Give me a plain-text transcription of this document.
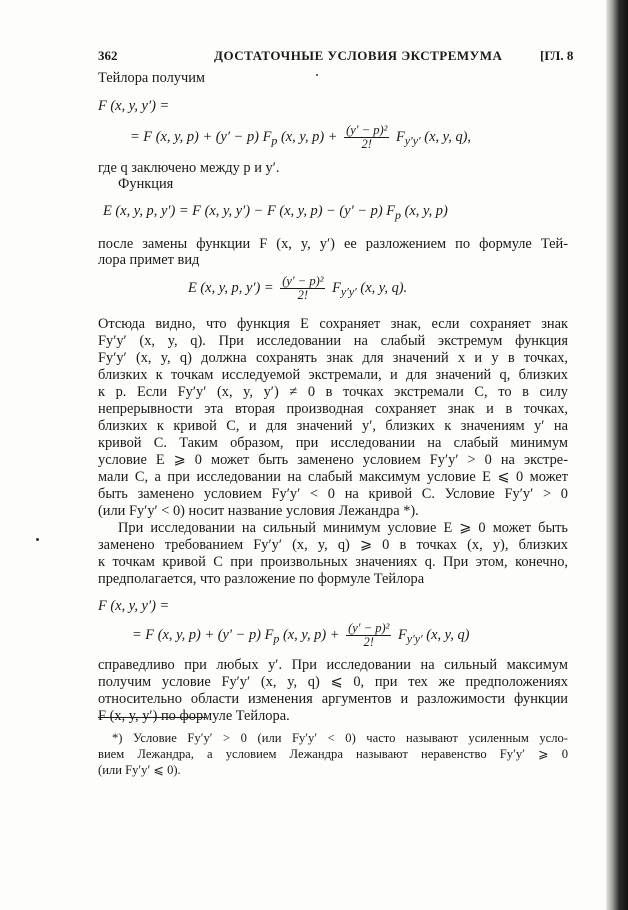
362	ДОСТАТОЧНЫЕ УСЛОВИЯ ЭКСТРЕМУМА	[ГЛ. 8
Тейлора получим
F (x, y, y′) =
= F (x, y, p) + (y′ − p) $F_p$ (x, y, $p) + \frac{\text{(y′ − p)²}}{2!} F_{y'y'}$ (x, y, q),
где q заключено между p и y′.
Функция
E (x, y, p, y′) = F (x, y, y′) − F (x, y, p) − (y′ − p) $F_p$ (x, y, p)
после замены функции F (x, y, y′) ее разложением по формуле Тей-
лора примет вид
E (x, y, p, $y') = \frac{\text{(y′ − p)²}}{2!} F_{y'y'}$ (x, y, q).
Отсюда видно, что функция E сохраняет знак, если сохраняет знак
Fy′y′ (x, y, q). При исследовании на слабый экстремум функция
Fy′y′ (x, y, q) должна сохранять знак для значений x и y в точках,
близких к точкам исследуемой экстремали, и для значений q, близких
к p. Если Fy′y′ (x, y, y′) ≠ 0 в точках экстремали C, то в силу
непрерывности эта вторая производная сохраняет знак и в точках,
близких к кривой C, и для значений y′, близких к значениям y′ на
кривой C. Таким образом, при исследовании на слабый минимум
условие E ⩾ 0 может быть заменено условием Fy′y′ > 0 на экстре-
мали C, а при исследовании на слабый максимум условие E ⩽ 0 может
быть заменено условием Fy′y′ < 0 на кривой C. Условие Fy′y′ > 0
(или Fy′y′ < 0) носит название условия Лежандра *).
При исследовании на сильный минимум условие E ⩾ 0 может быть
заменено требованием Fy′y′ (x, y, q) ⩾ 0 в точках (x, y), близких
к точкам кривой C при произвольных значениях q. При этом, конечно,
предполагается, что разложение по формуле Тейлора
F (x, y, y′) =
= F (x, y, p) + (y′ − p) $F_p$ (x, y, $p) + \frac{\text{(y′ − p)²}}{2!} F_{y'y'}$ (x, y, q)
справедливо при любых y′. При исследовании на сильный максимум
получим условие Fy′y′ (x, y, q) ⩽ 0, при тех же предположениях
относительно области изменения аргументов и разложимости функции
F (x, y, y′) по формуле Тейлора.
*) Условие Fy′y′ > 0 (или Fy′y′ < 0) часто называют усиленным усло-
вием Лежандра, а условием Лежандра называют неравенство Fy′y′ ⩾ 0
(или Fy′y′ ⩽ 0).
